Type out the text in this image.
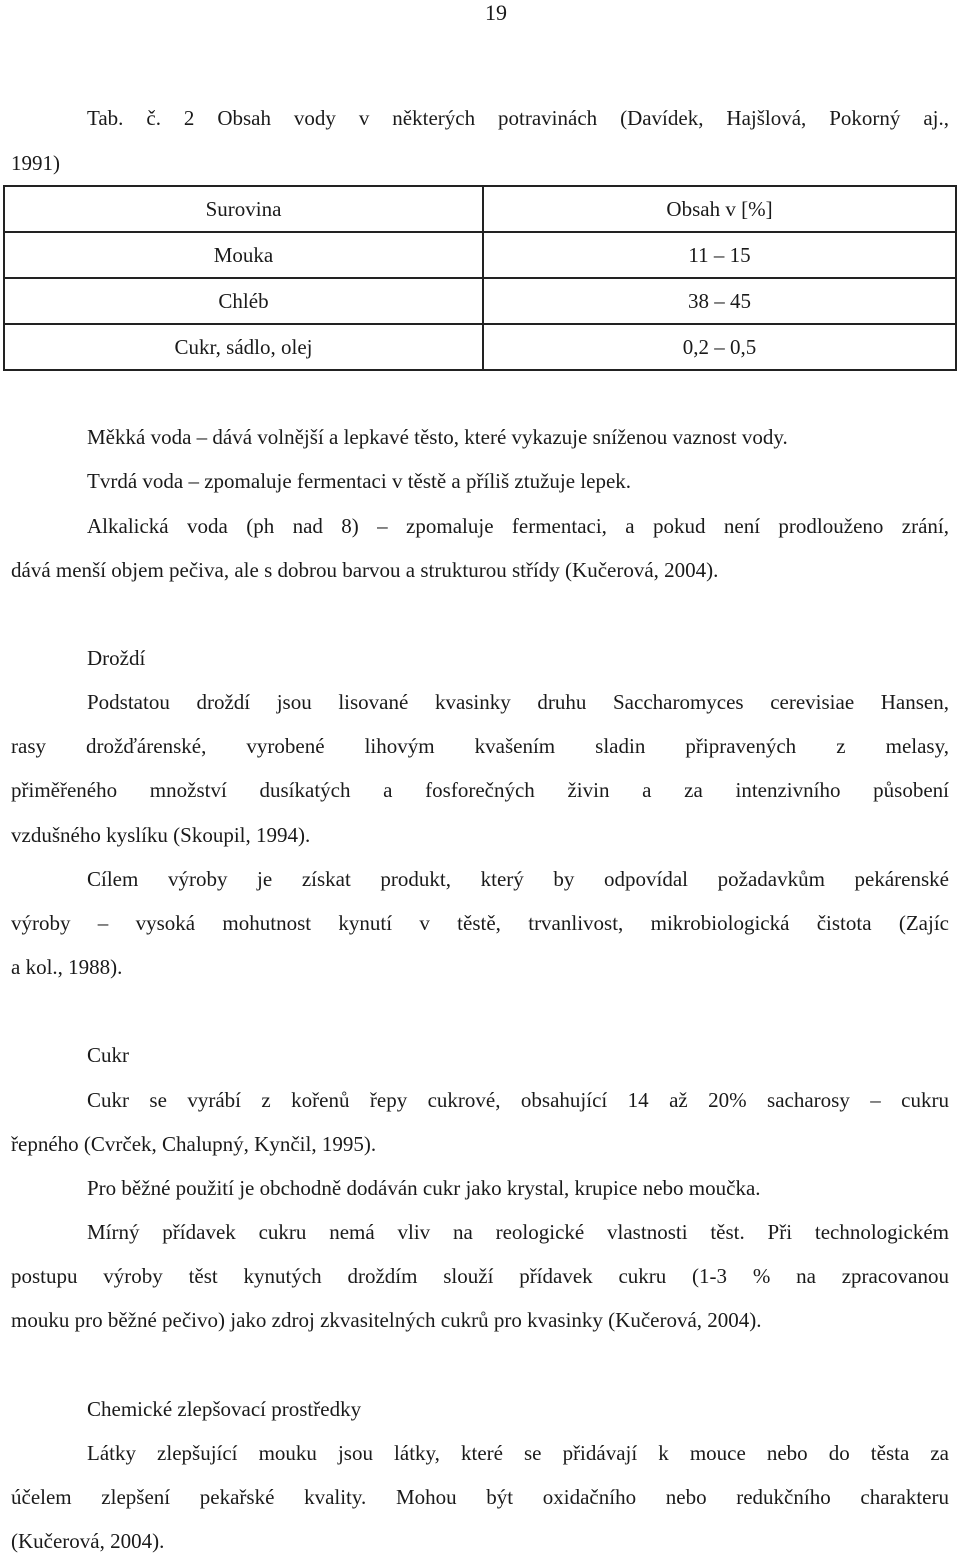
19
Tab. č. 2 Obsah vody v některých potravinách (Davídek, Hajšlová, Pokorný aj.,
1991)
Surovina	Obsah v [%]
Mouka	11 – 15
Chléb	38 – 45
Cukr, sádlo, olej	0,2 – 0,5
Měkká voda – dává volnější a lepkavé těsto, které vykazuje sníženou vaznost vody.
Tvrdá voda – zpomaluje fermentaci v těstě a příliš ztužuje lepek.
Alkalická voda (ph nad 8) – zpomaluje fermentaci, a pokud není prodlouženo zrání,
dává menší objem pečiva, ale s dobrou barvou a strukturou střídy (Kučerová, 2004).
Droždí
Podstatou droždí jsou lisované kvasinky druhu Saccharomyces cerevisiae Hansen,
rasy drožďárenské, vyrobené lihovým kvašením sladin připravených z melasy,
přiměřeného množství dusíkatých a fosforečných živin a za intenzivního působení
vzdušného kyslíku (Skoupil, 1994).
Cílem výroby je získat produkt, který by odpovídal požadavkům pekárenské
výroby – vysoká mohutnost kynutí v těstě, trvanlivost, mikrobiologická čistota (Zajíc
a kol., 1988).
Cukr
Cukr se vyrábí z kořenů řepy cukrové, obsahující 14 až 20% sacharosy – cukru
řepného (Cvrček, Chalupný, Kynčil, 1995).
Pro běžné použití je obchodně dodáván cukr jako krystal, krupice nebo moučka.
Mírný přídavek cukru nemá vliv na reologické vlastnosti těst. Při technologickém
postupu výroby těst kynutých droždím slouží přídavek cukru (1-3 % na zpracovanou
mouku pro běžné pečivo) jako zdroj zkvasitelných cukrů pro kvasinky (Kučerová, 2004).
Chemické zlepšovací prostředky
Látky zlepšující mouku jsou látky, které se přidávají k mouce nebo do těsta za
účelem zlepšení pekařské kvality. Mohou být oxidačního nebo redukčního charakteru
(Kučerová, 2004).
